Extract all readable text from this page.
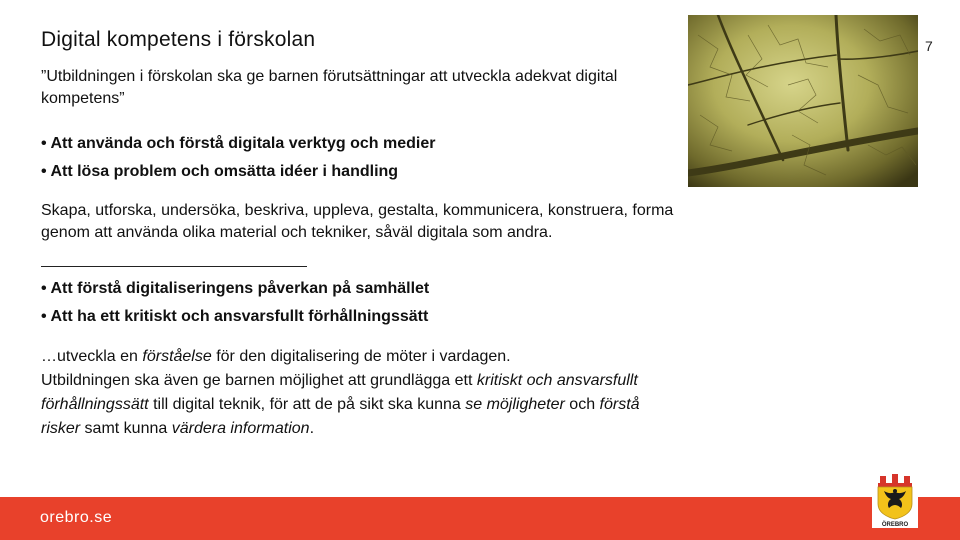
Digital kompetens i förskolan	7

”Utbildningen i förskolan ska ge barnen förutsättningar att utveckla adekvat digital kompetens”

• Att använda och förstå digitala verktyg och medier
• Att lösa problem och omsätta idéer i handling

Skapa, utforska, undersöka, beskriva, uppleva, gestalta, kommunicera, konstruera, forma genom att använda olika material och tekniker, såväl digitala som andra.

• Att förstå digitaliseringens påverkan på samhället
• Att ha ett kritiskt och ansvarsfullt förhållningssätt

…utveckla en förståelse för den digitalisering de möter i vardagen.

Utbildningen ska även ge barnen möjlighet att grundlägga ett kritiskt och ansvarsfullt förhållningssätt till digital teknik, för att de på sikt ska kunna se möjligheter och förstå risker samt kunna värdera information.

orebro.se	ÖREBRO
